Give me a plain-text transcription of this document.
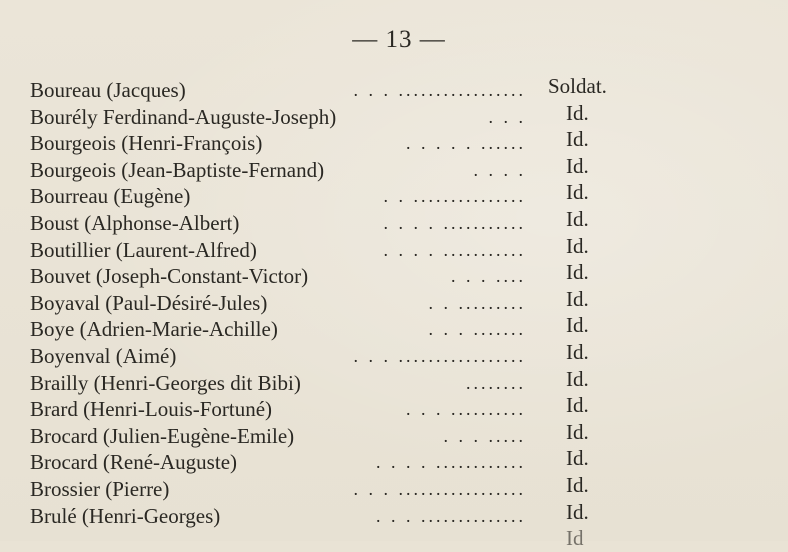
— 13 —
Boureau (Jacques)	. . . ................. Soldat.
Bourély Ferdinand-Auguste-Joseph)	. . . Id.
Bourgeois (Henri-François)	. . . . . ...... Id.
Bourgeois (Jean-Baptiste-Fernand)	. . . . Id.
Bourreau (Eugène)	. . ............... Id.
Boust (Alphonse-Albert)	. . . . ........... Id.
Boutillier (Laurent-Alfred)	. . . . ........... Id.
Bouvet (Joseph-Constant-Victor)	. . . .... Id.
Boyaval (Paul-Désiré-Jules)	. . ......... Id.
Boye (Adrien-Marie-Achille)	. . . ....... Id.
Boyenval (Aimé)	. . . ................. Id.
Brailly (Henri-Georges dit Bibi)	........ Id.
Brard (Henri-Louis-Fortuné)	. . . .......... Id.
Brocard (Julien-Eugène-Emile)	. . . ..... Id.
Brocard (René-Auguste)	. . . . ............ Id.
Brossier (Pierre)	. . . ................. Id.
Brulé (Henri-Georges)	. . . .............. Id.
Id
